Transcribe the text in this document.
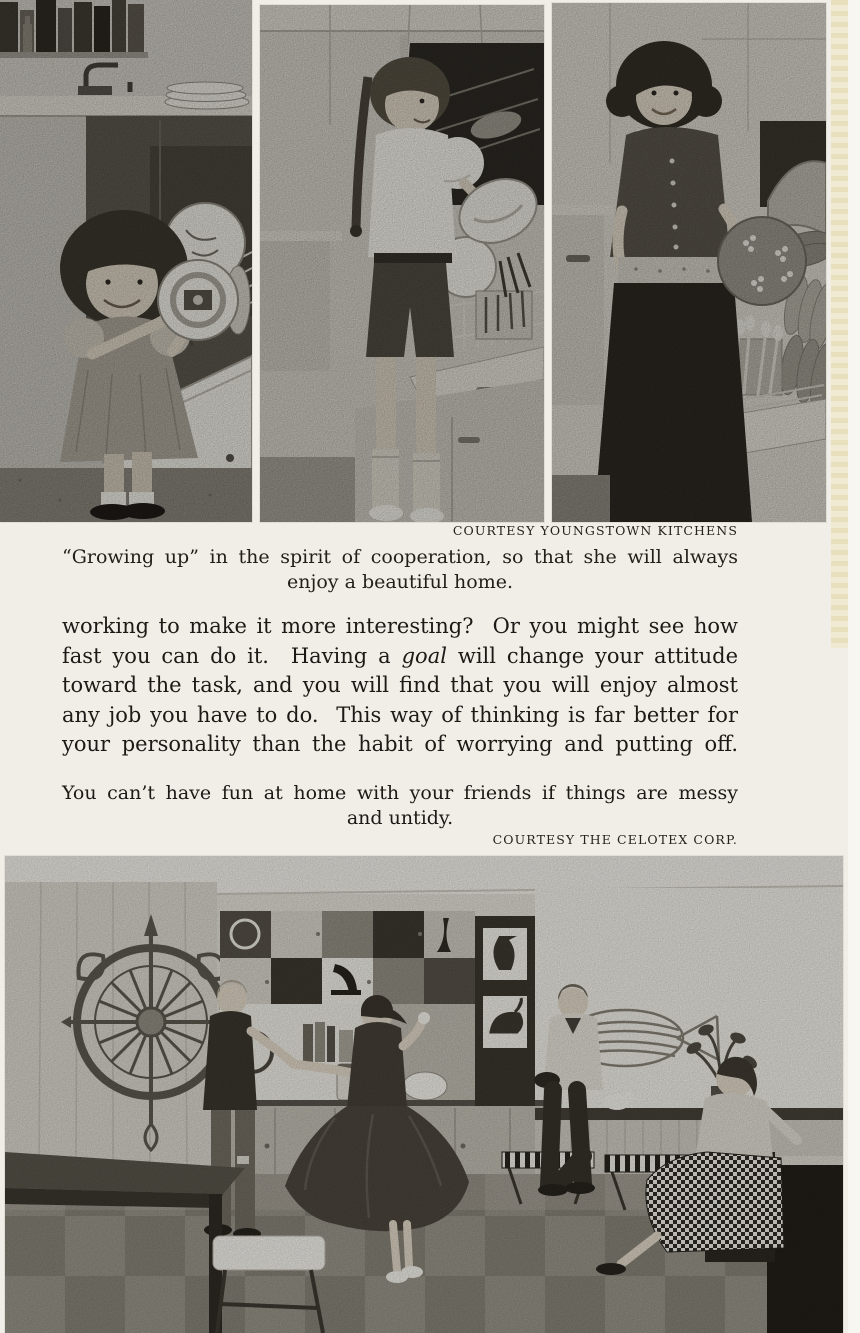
COURTESY YOUNGSTOWN KITCHENS
“Growing up” in the spirit of cooperation, so that she will always
enjoy a beautiful home.
working to make it more interesting?  Or you might see how
fast you can do it.  Having a goal will change your attitude
toward the task, and you will find that you will enjoy almost
any job you have to do.  This way of thinking is far better for
your personality than the habit of worrying and putting off.
You can’t have fun at home with your friends if things are messy
and untidy.
COURTESY THE CELOTEX CORP.
